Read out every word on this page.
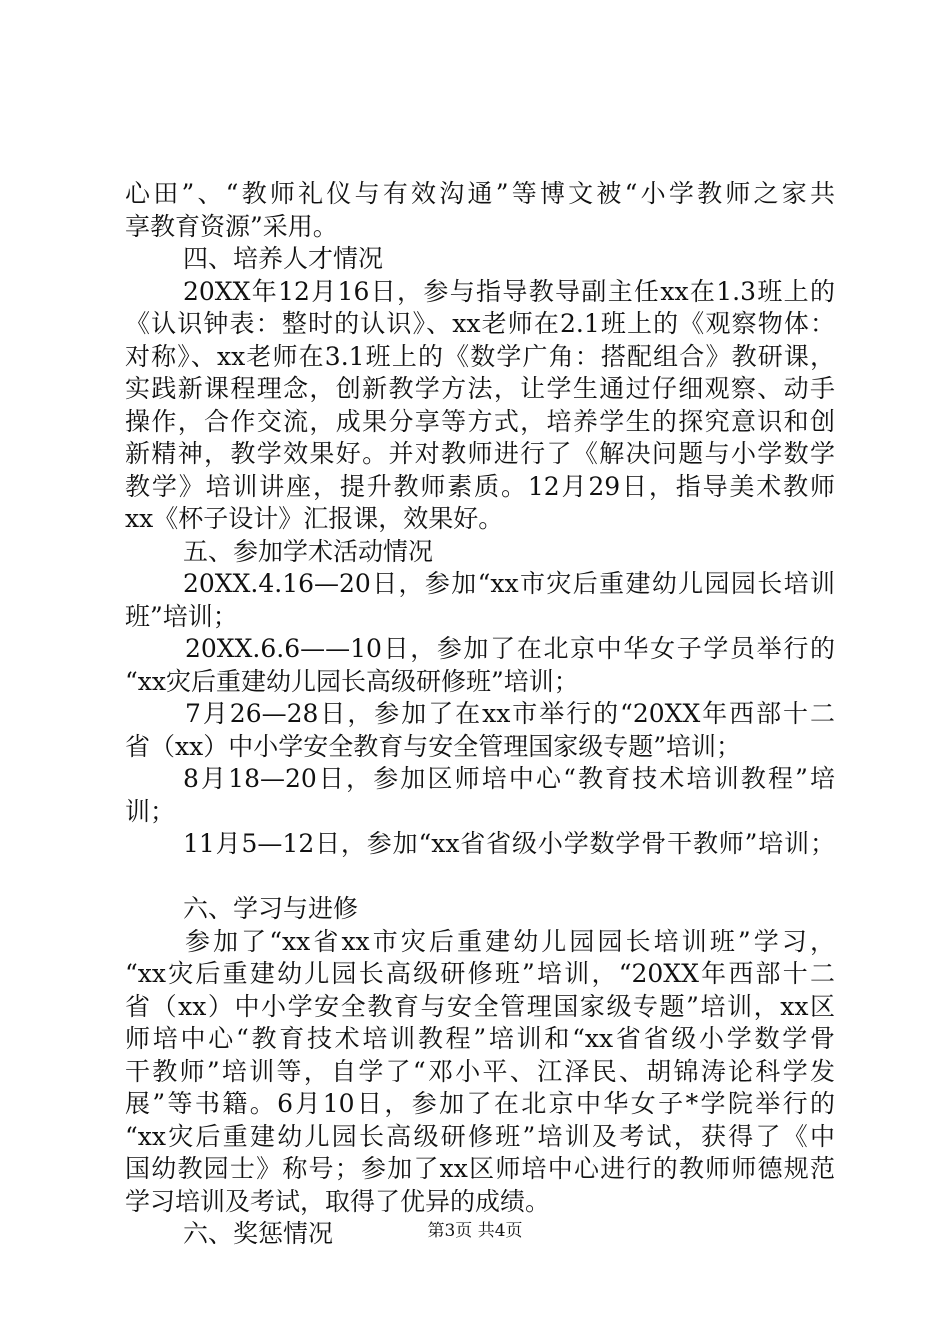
心田”、“教师礼仪与有效沟通”等博文被“小学教师之家共
享教育资源”采用。
四、培养人才情况
20XX年12月16日，参与指导教导副主任xx在1.3班上的
《认识钟表：整时的认识》、xx老师在2.1班上的《观察物体：
对称》、xx老师在3.1班上的《数学广角：搭配组合》教研课，
实践新课程理念，创新教学方法，让学生通过仔细观察、动手
操作，合作交流，成果分享等方式，培养学生的探究意识和创
新精神，教学效果好。并对教师进行了《解决问题与小学数学
教学》培训讲座，提升教师素质。12月29日，指导美术教师
xx《杯子设计》汇报课，效果好。
五、参加学术活动情况
20XX.4.16—20日，参加“xx市灾后重建幼儿园园长培训
班”培训；
20XX.6.6——10日，参加了在北京中华女子学员举行的
“xx灾后重建幼儿园长高级研修班”培训；
7月26—28日，参加了在xx市举行的“20XX年西部十二
省（xx）中小学安全教育与安全管理国家级专题”培训；
8月18—20日，参加区师培中心“教育技术培训教程”培
训；
11月5—12日，参加“xx省省级小学数学骨干教师”培训；
六、学习与进修
参加了“xx省xx市灾后重建幼儿园园长培训班”学习，
“xx灾后重建幼儿园长高级研修班”培训，“20XX年西部十二
省（xx）中小学安全教育与安全管理国家级专题”培训，xx区
师培中心“教育技术培训教程”培训和“xx省省级小学数学骨
干教师”培训等，自学了“邓小平、江泽民、胡锦涛论科学发
展”等书籍。6月10日，参加了在北京中华女子*学院举行的
“xx灾后重建幼儿园长高级研修班”培训及考试，获得了《中
国幼教园士》称号；参加了xx区师培中心进行的教师师德规范
学习培训及考试，取得了优异的成绩。
六、奖惩情况	第3页 共4页
